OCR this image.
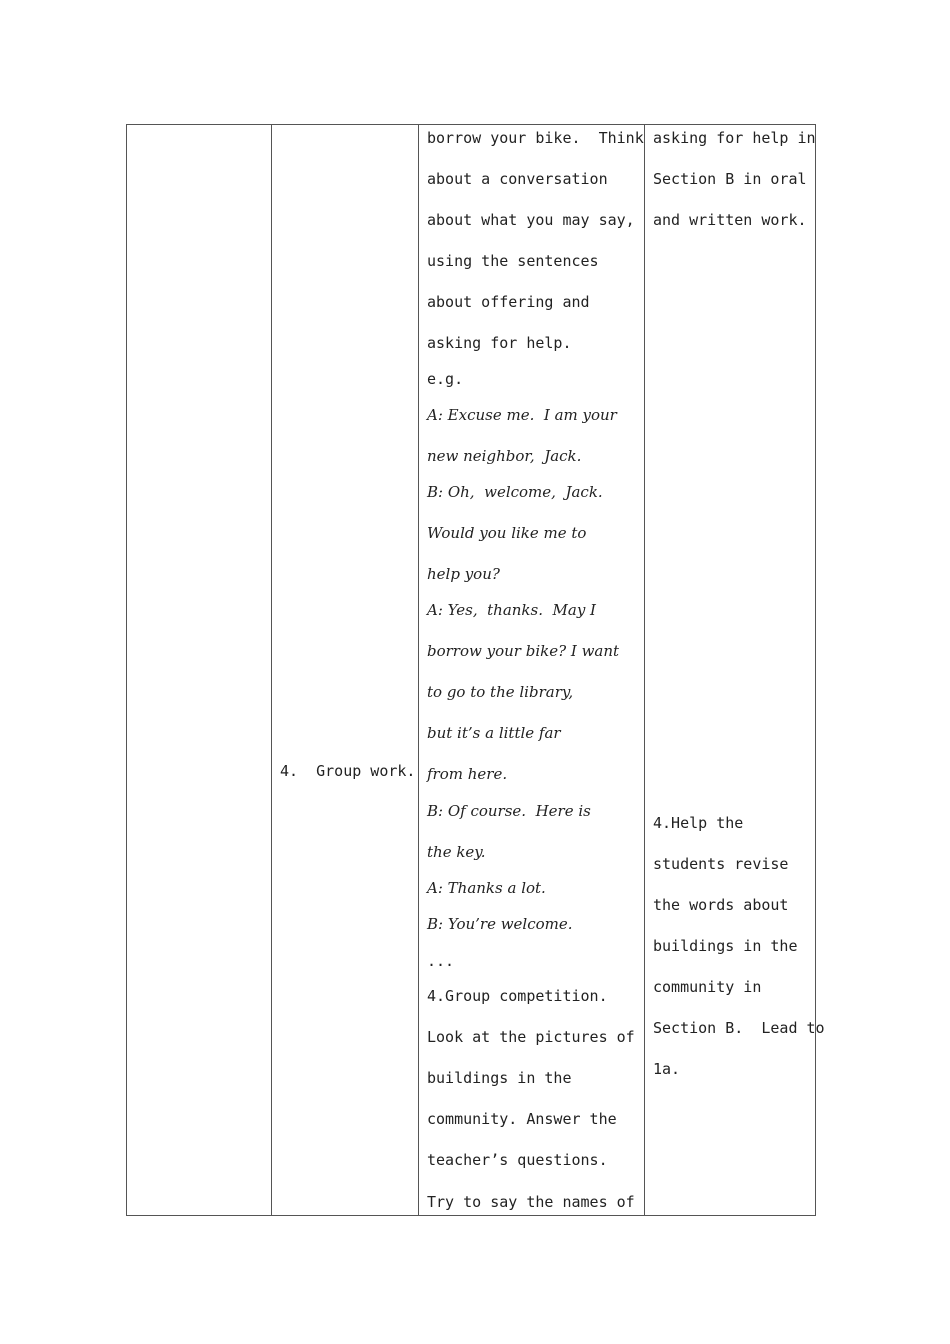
4.  Group work.
borrow your bike.  Think
about a conversation
about what you may say,
using the sentences
about offering and
asking for help.
e.g.
A: Excuse me.  I am your
new neighbor,  Jack.
B: Oh,  welcome,  Jack.
Would you like me to
help you?
A: Yes,  thanks.  May I
borrow your bike? I want
to go to the library,
but it’s a little far
from here.
B: Of course.  Here is
the key.
A: Thanks a lot.
B: You’re welcome.
...
4.Group competition.
Look at the pictures of
buildings in the
community. Answer the
teacher’s questions.
Try to say the names of
asking for help in
Section B in oral
and written work.
4.Help the
students revise
the words about
buildings in the
community in
Section B.  Lead to
1a.
